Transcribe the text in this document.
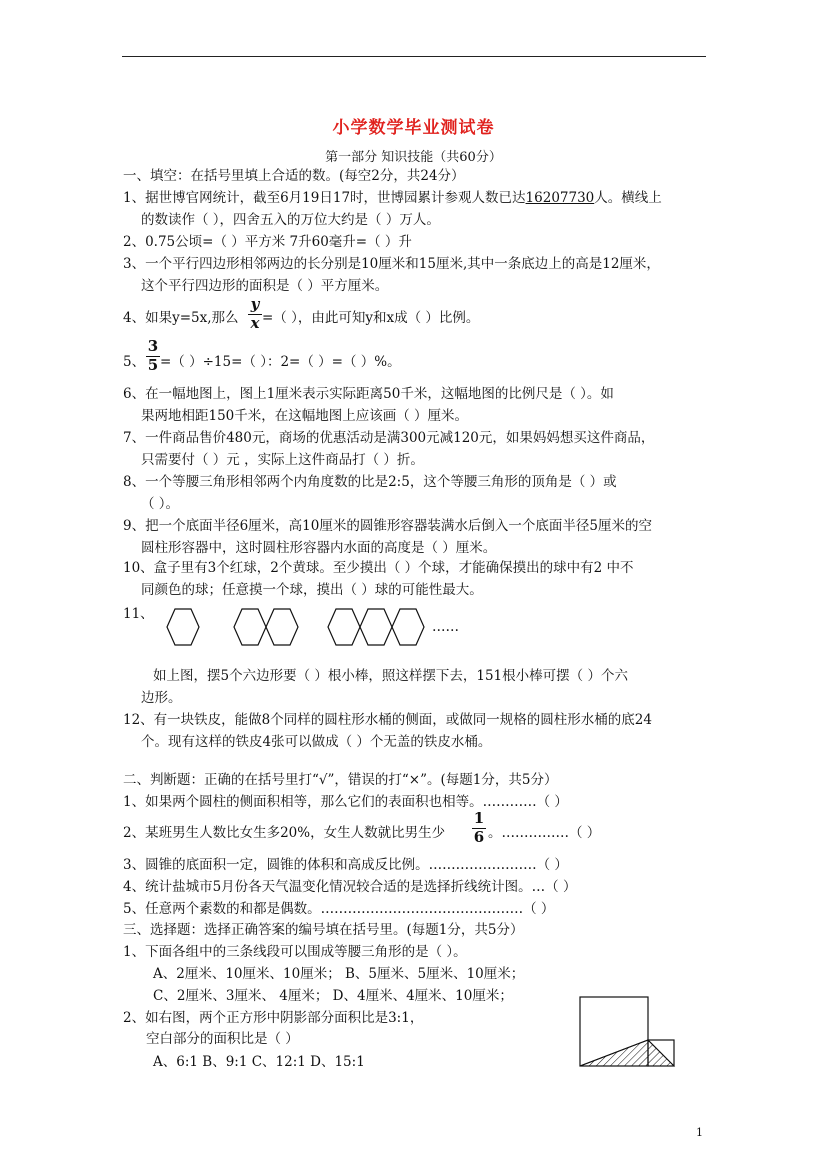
小学数学毕业测试卷
第一部分 知识技能（共60分）
一、填空：在括号里填上合适的数。(每空2分，共24分）
1、据世博官网统计，截至6月19日17时，世博园累计参观人数已达16207730人。横线上
的数读作（ ），四舍五入的万位大约是（ ）万人。
2、0.75公顷=（ ）平方米 7升60毫升=（ ）升
3、一个平行四边形相邻两边的长分别是10厘米和15厘米,其中一条底边上的高是12厘米，
这个平行四边形的面积是（ ）平方厘米。
4、如果y=5x,那么
y
x =（ ），由此可知y和x成（ ）比例。
5、
3
5 =（ ）÷15=（ ）：2=（ ）=（ ）%。
6、在一幅地图上，图上1厘米表示实际距离50千米，这幅地图的比例尺是（ ）。如
果两地相距150千米，在这幅地图上应该画（ ）厘米。
7、一件商品售价480元，商场的优惠活动是满300元减120元，如果妈妈想买这件商品，
只需要付（ ）元 ，实际上这件商品打（ ）折。
8、一个等腰三角形相邻两个内角度数的比是2:5，这个等腰三角形的顶角是（ ）或
（ ）。
9、把一个底面半径6厘米，高10厘米的圆锥形容器装满水后倒入一个底面半径5厘米的空
圆柱形容器中，这时圆柱形容器内水面的高度是（ ）厘米。
10、盒子里有3个红球，2个黄球。至少摸出（ ）个球，才能确保摸出的球中有2 中不
同颜色的球；任意摸一个球，摸出（ ）球的可能性最大。
11、
……
如上图，摆5个六边形要（ ）根小棒，照这样摆下去，151根小棒可摆（ ）个六
边形。
12、有一块铁皮，能做8个同样的圆柱形水桶的侧面，或做同一规格的圆柱形水桶的底24
个。现有这样的铁皮4张可以做成（ ）个无盖的铁皮水桶。
二、判断题：正确的在括号里打“√”，错误的打“×”。(每题1分，共5分）
1、如果两个圆柱的侧面积相等，那么它们的表面积也相等。…………（ ）
2、某班男生人数比女生多20%，女生人数就比男生少
1
6 。……………（ ）
3、圆锥的底面积一定，圆锥的体积和高成反比例。……………………（ ）
4、统计盐城市5月份各天气温变化情况较合适的是选择折线统计图。…（ ）
5、任意两个素数的和都是偶数。………………………………………（ ）
三、选择题：选择正确答案的编号填在括号里。(每题1分，共5分）
1、下面各组中的三条线段可以围成等腰三角形的是（ ）。
A、2厘米、10厘米、10厘米； B、5厘米、5厘米、10厘米；
C、2厘米、3厘米、 4厘米； D、4厘米、4厘米、10厘米；
2、如右图，两个正方形中阴影部分面积比是3:1，
空白部分的面积比是（ ）
A、6:1 B、9:1 C、12:1 D、15:1
1
